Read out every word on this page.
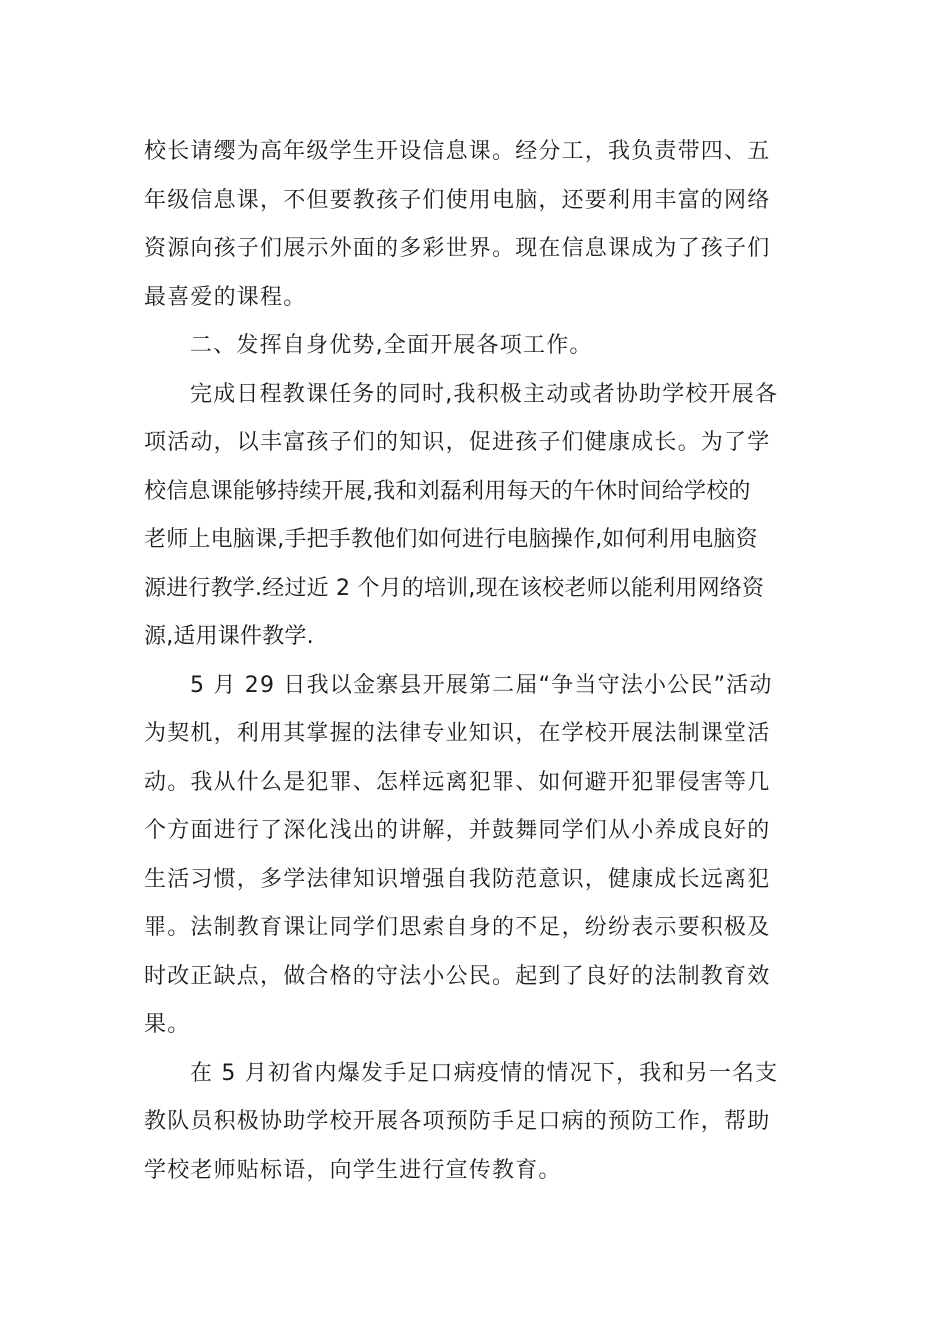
校长请缨为高年级学生开设信息课。经分工，我负责带四、五
年级信息课，不但要教孩子们使用电脑，还要利用丰富的网络
资源向孩子们展示外面的多彩世界。现在信息课成为了孩子们
最喜爱的课程。
二、发挥自身优势,全面开展各项工作。
完成日程教课任务的同时,我积极主动或者协助学校开展各
项活动，以丰富孩子们的知识，促进孩子们健康成长。为了学
校信息课能够持续开展,我和刘磊利用每天的午休时间给学校的
老师上电脑课,手把手教他们如何进行电脑操作,如何利用电脑资
源进行教学.经过近 2 个月的培训,现在该校老师以能利用网络资
源,适用课件教学.
5 月 29 日我以金寨县开展第二届“争当守法小公民”活动
为契机，利用其掌握的法律专业知识，在学校开展法制课堂活
动。我从什么是犯罪、怎样远离犯罪、如何避开犯罪侵害等几
个方面进行了深化浅出的讲解，并鼓舞同学们从小养成良好的
生活习惯，多学法律知识增强自我防范意识，健康成长远离犯
罪。法制教育课让同学们思索自身的不足，纷纷表示要积极及
时改正缺点，做合格的守法小公民。起到了良好的法制教育效
果。
在 5 月初省内爆发手足口病疫情的情况下，我和另一名支
教队员积极协助学校开展各项预防手足口病的预防工作，帮助
学校老师贴标语，向学生进行宣传教育。
